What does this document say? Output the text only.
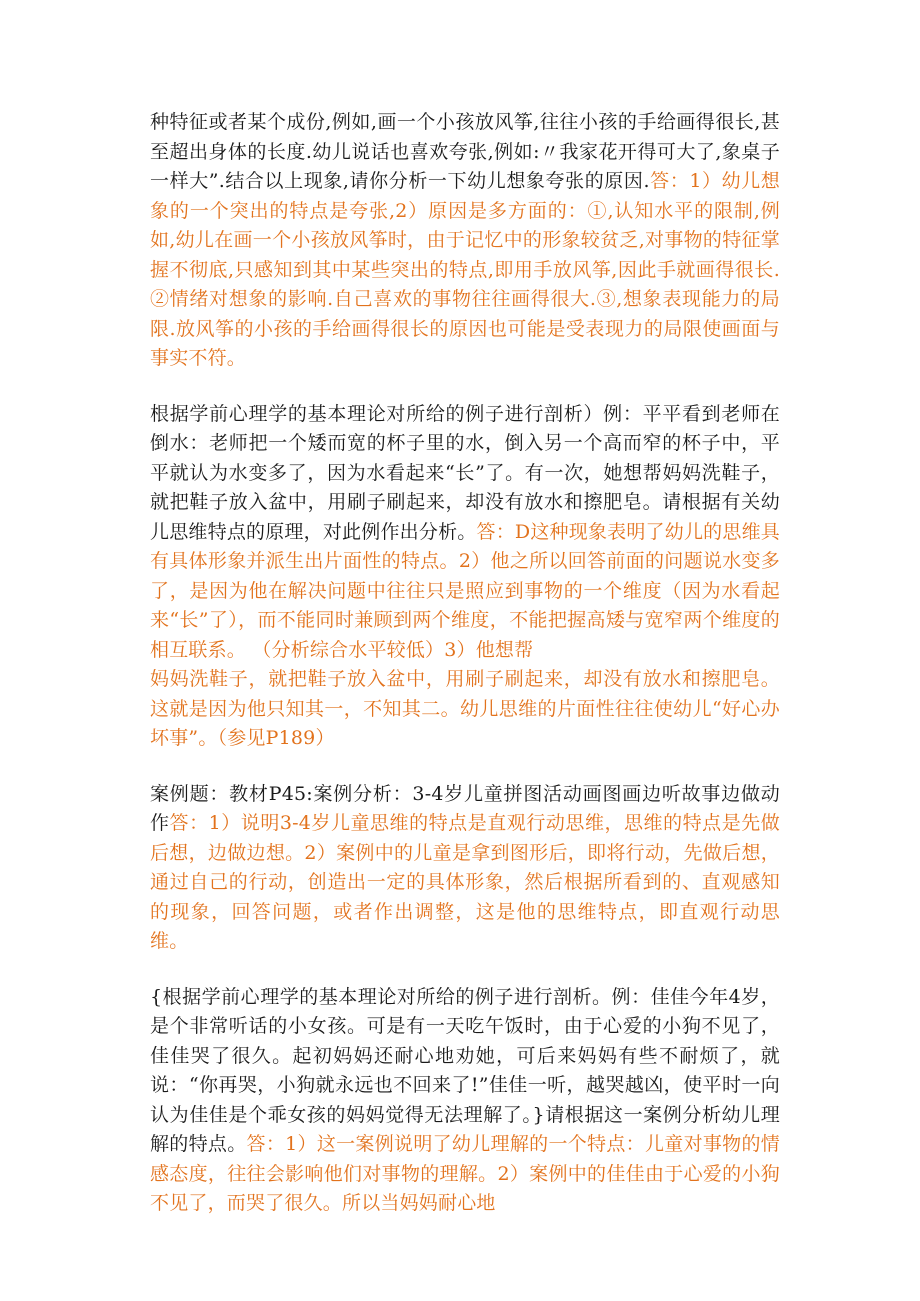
种特征或者某个成份,例如,画一个小孩放风筝,往往小孩的手给画得很长,甚至超出身体的长度.幼儿说话也喜欢夸张,例如:〃我家花开得可大了,象桌子一样大”.结合以上现象,请你分析一下幼儿想象夸张的原因.答：1）幼儿想象的一个突出的特点是夸张,2）原因是多方面的：①,认知水平的限制,例如,幼儿在画一个小孩放风筝时，由于记忆中的形象较贫乏,对事物的特征掌握不彻底,只感知到其中某些突出的特点,即用手放风筝,因此手就画得很长.②情绪对想象的影响.自己喜欢的事物往往画得很大.③,想象表现能力的局限.放风筝的小孩的手给画得很长的原因也可能是受表现力的局限使画面与事实不符。

根据学前心理学的基本理论对所给的例子进行剖析）例：平平看到老师在倒水：老师把一个矮而宽的杯子里的水，倒入另一个高而窄的杯子中，平平就认为水变多了，因为水看起来“长”了。有一次，她想帮妈妈洗鞋子，就把鞋子放入盆中，用刷子刷起来，却没有放水和擦肥皂。请根据有关幼儿思维特点的原理，对此例作出分析。答：D这种现象表明了幼儿的思维具有具体形象并派生出片面性的特点。2）他之所以回答前面的问题说水变多了，是因为他在解决问题中往往只是照应到事物的一个维度（因为水看起来“长”了），而不能同时兼顾到两个维度，不能把握高矮与宽窄两个维度的相互联系。 （分析综合水平较低）3）他想帮
妈妈洗鞋子，就把鞋子放入盆中，用刷子刷起来，却没有放水和擦肥皂。这就是因为他只知其一，不知其二。幼儿思维的片面性往往使幼儿“好心办坏事”。（参见P189）

案例题：教材P45:案例分析：3-4岁儿童拼图活动画图画边听故事边做动作答：1）说明3-4岁儿童思维的特点是直观行动思维，思维的特点是先做后想，边做边想。2）案例中的儿童是拿到图形后，即将行动，先做后想，通过自己的行动，创造出一定的具体形象，然后根据所看到的、直观感知的现象，回答问题，或者作出调整，这是他的思维特点，即直观行动思维。

{根据学前心理学的基本理论对所给的例子进行剖析。例：佳佳今年4岁，是个非常听话的小女孩。可是有一天吃午饭时，由于心爱的小狗不见了，佳佳哭了很久。起初妈妈还耐心地劝她，可后来妈妈有些不耐烦了，就说：“你再哭，小狗就永远也不回来了!”佳佳一听，越哭越凶，使平时一向认为佳佳是个乖女孩的妈妈觉得无法理解了。}请根据这一案例分析幼儿理解的特点。答：1）这一案例说明了幼儿理解的一个特点：儿童对事物的情感态度，往往会影响他们对事物的理解。2）案例中的佳佳由于心爱的小狗不见了，而哭了很久。所以当妈妈耐心地
